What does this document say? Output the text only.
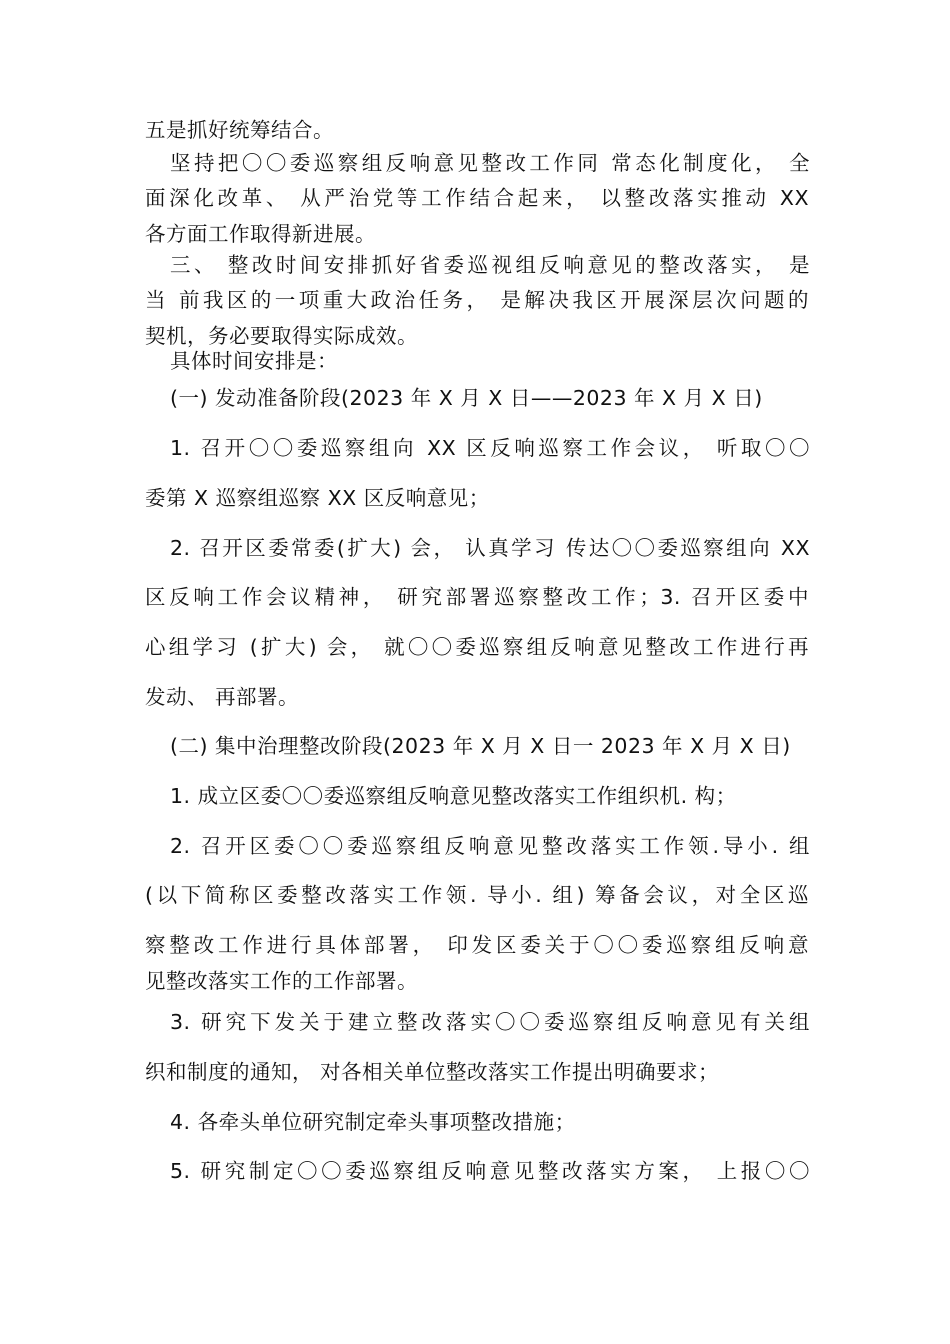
五是抓好统筹结合。
坚持把〇〇委巡察组反响意见整改工作同 常态化制度化， 全
面深化改革、 从严治党等工作结合起来， 以整改落实推动 XX
各方面工作取得新进展。
三、 整改时间安排抓好省委巡视组反响意见的整改落实， 是
当 前我区的一项重大政治任务， 是解决我区开展深层次问题的
契机，务必要取得实际成效。
具体时间安排是：
(一) 发动准备阶段(2023 年 X 月 X 日——2023 年 X 月 X 日)
1. 召开〇〇委巡察组向 XX 区反响巡察工作会议， 听取〇〇
委第 X 巡察组巡察 XX 区反响意见；
2. 召开区委常委(扩大) 会， 认真学习 传达〇〇委巡察组向 XX
区反响工作会议精神， 研究部署巡察整改工作；3. 召开区委中
心组学习 (扩大) 会， 就〇〇委巡察组反响意见整改工作进行再
发动、 再部署。
(二) 集中治理整改阶段(2023 年 X 月 X 日一 2023 年 X 月 X 日)
1. 成立区委〇〇委巡察组反响意见整改落实工作组织机. 构；
2. 召开区委〇〇委巡察组反响意见整改落实工作领.导小. 组
(以下简称区委整改落实工作领. 导小. 组) 筹备会议，对全区巡
察整改工作进行具体部署， 印发区委关于〇〇委巡察组反响意
见整改落实工作的工作部署。
3. 研究下发关于建立整改落实〇〇委巡察组反响意见有关组
织和制度的通知， 对各相关单位整改落实工作提出明确要求；
4. 各牵头单位研究制定牵头事项整改措施；
5. 研究制定〇〇委巡察组反响意见整改落实方案， 上报〇〇
